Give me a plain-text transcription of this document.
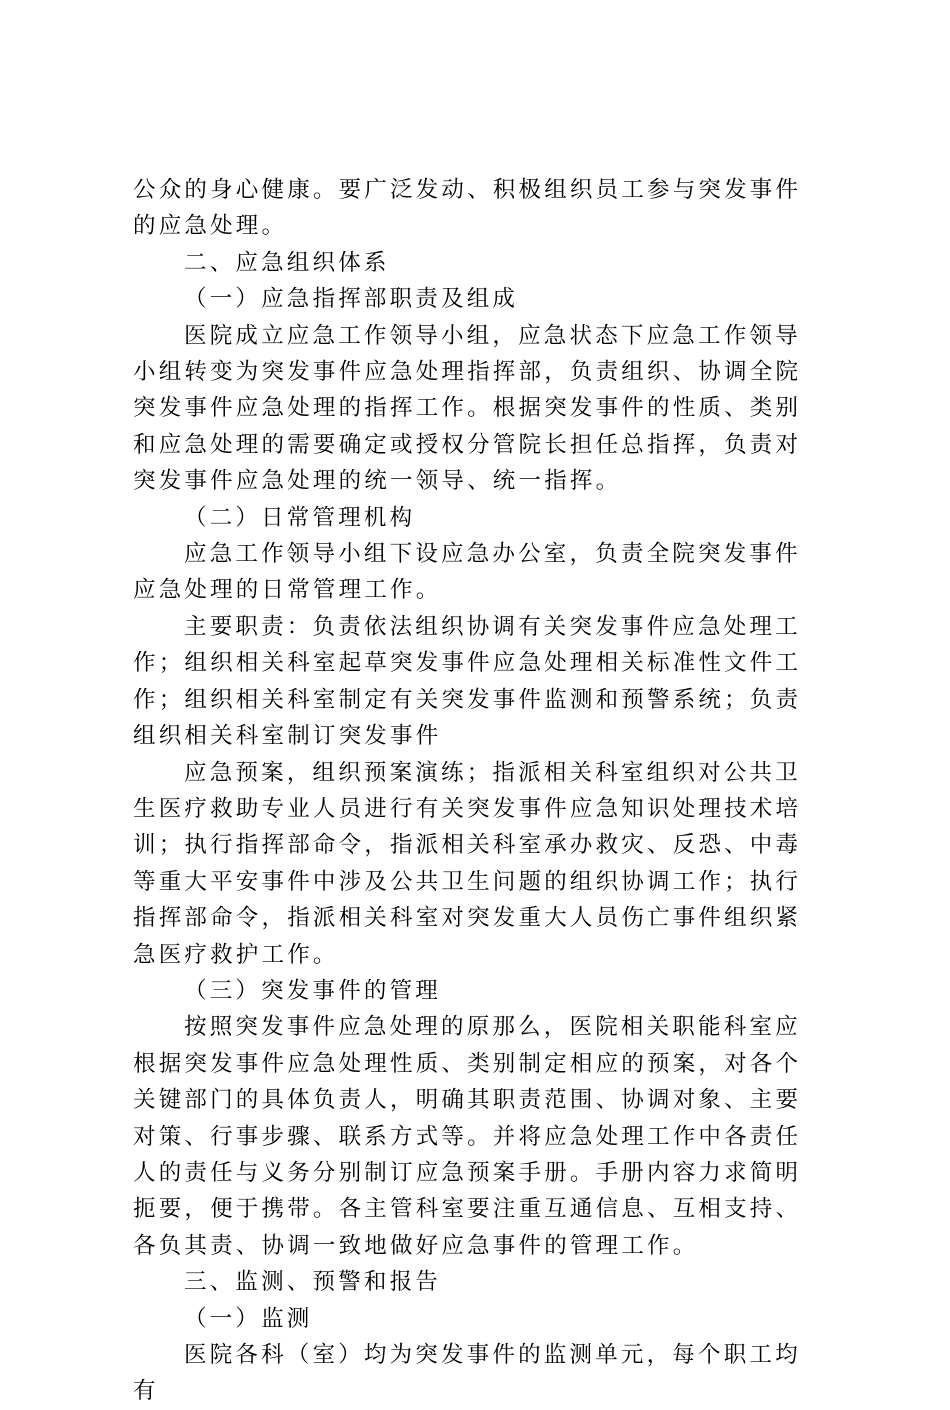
公众的身心健康。要广泛发动、积极组织员工参与突发事件的应急处理。

二、应急组织体系

（一）应急指挥部职责及组成

医院成立应急工作领导小组，应急状态下应急工作领导小组转变为突发事件应急处理指挥部，负责组织、协调全院突发事件应急处理的指挥工作。根据突发事件的性质、类别和应急处理的需要确定或授权分管院长担任总指挥，负责对突发事件应急处理的统一领导、统一指挥。

（二）日常管理机构

应急工作领导小组下设应急办公室，负责全院突发事件应急处理的日常管理工作。

主要职责：负责依法组织协调有关突发事件应急处理工作；组织相关科室起草突发事件应急处理相关标准性文件工作；组织相关科室制定有关突发事件监测和预警系统；负责组织相关科室制订突发事件

应急预案，组织预案演练；指派相关科室组织对公共卫生医疗救助专业人员进行有关突发事件应急知识处理技术培训；执行指挥部命令，指派相关科室承办救灾、反恐、中毒等重大平安事件中涉及公共卫生问题的组织协调工作；执行指挥部命令，指派相关科室对突发重大人员伤亡事件组织紧急医疗救护工作。

（三）突发事件的管理

按照突发事件应急处理的原那么，医院相关职能科室应根据突发事件应急处理性质、类别制定相应的预案，对各个关键部门的具体负责人，明确其职责范围、协调对象、主要对策、行事步骤、联系方式等。并将应急处理工作中各责任人的责任与义务分别制订应急预案手册。手册内容力求简明扼要，便于携带。各主管科室要注重互通信息、互相支持、各负其责、协调一致地做好应急事件的管理工作。

三、监测、预警和报告

（一）监测

医院各科（室）均为突发事件的监测单元，每个职工均有
